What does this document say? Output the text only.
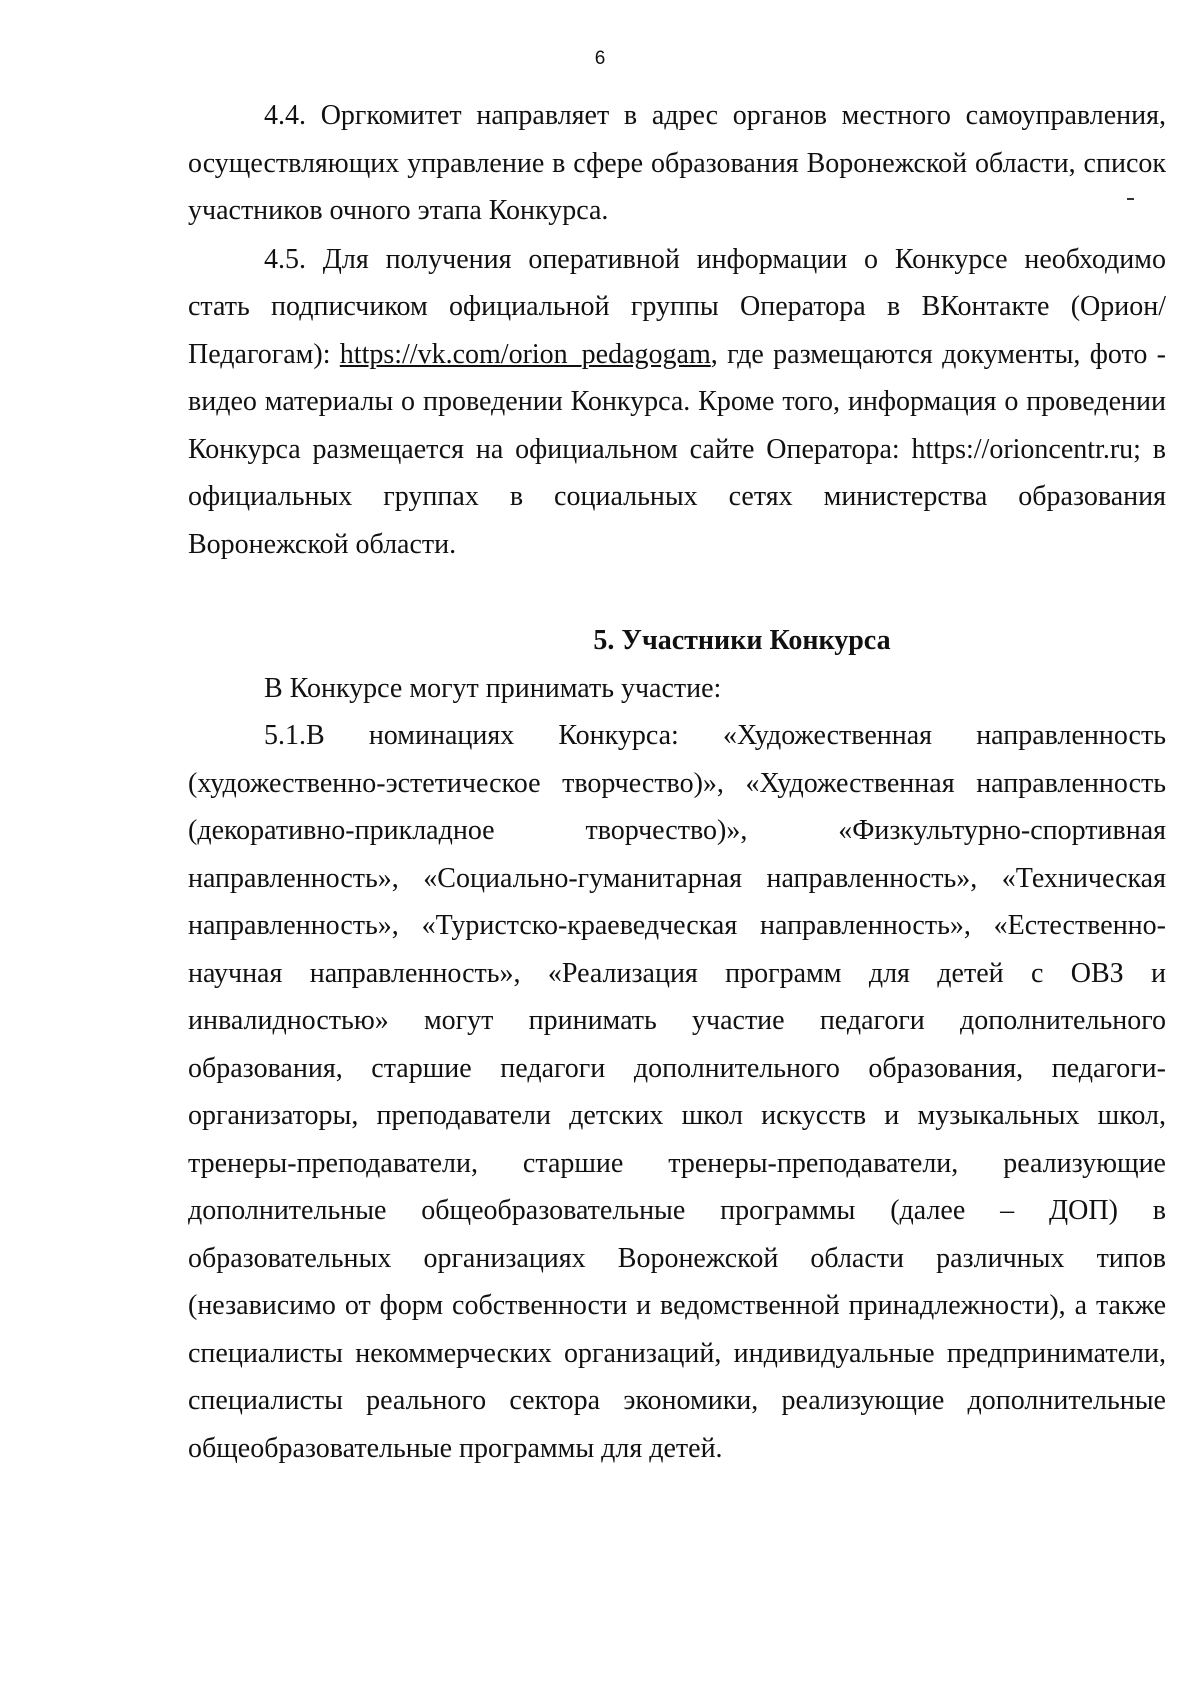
6

4.4. Оргкомитет направляет в адрес органов местного самоуправления, осуществляющих управление в сфере образования Воронежской области, список участников очного этапа Конкурса.

4.5. Для получения оперативной информации о Конкурсе необходимо стать подписчиком официальной группы Оператора в ВКонтакте (Орион/Педагогам): https://vk.com/orion_pedagogam, где размещаются документы, фото - видео материалы о проведении Конкурса. Кроме того, информация о проведении Конкурса размещается на официальном сайте Оператора: https://orioncentr.ru; в официальных группах в социальных сетях министерства образования Воронежской области.

5. Участники Конкурса

В Конкурсе могут принимать участие:

5.1.В номинациях Конкурса: «Художественная направленность (художественно-эстетическое творчество)», «Художественная направленность (декоративно-прикладное творчество)», «Физкультурно-спортивная направленность», «Социально-гуманитарная направленность», «Техническая направленность», «Туристско-краеведческая направленность», «Естественно-научная направленность», «Реализация программ для детей с ОВЗ и инвалидностью» могут принимать участие педагоги дополнительного образования, старшие педагоги дополнительного образования, педагоги-организаторы, преподаватели детских школ искусств и музыкальных школ, тренеры-преподаватели, старшие тренеры-преподаватели, реализующие дополнительные общеобразовательные программы (далее – ДОП) в образовательных организациях Воронежской области различных типов (независимо от форм собственности и ведомственной принадлежности), а также специалисты некоммерческих организаций, индивидуальные предприниматели, специалисты реального сектора экономики, реализующие дополнительные общеобразовательные программы для детей.
